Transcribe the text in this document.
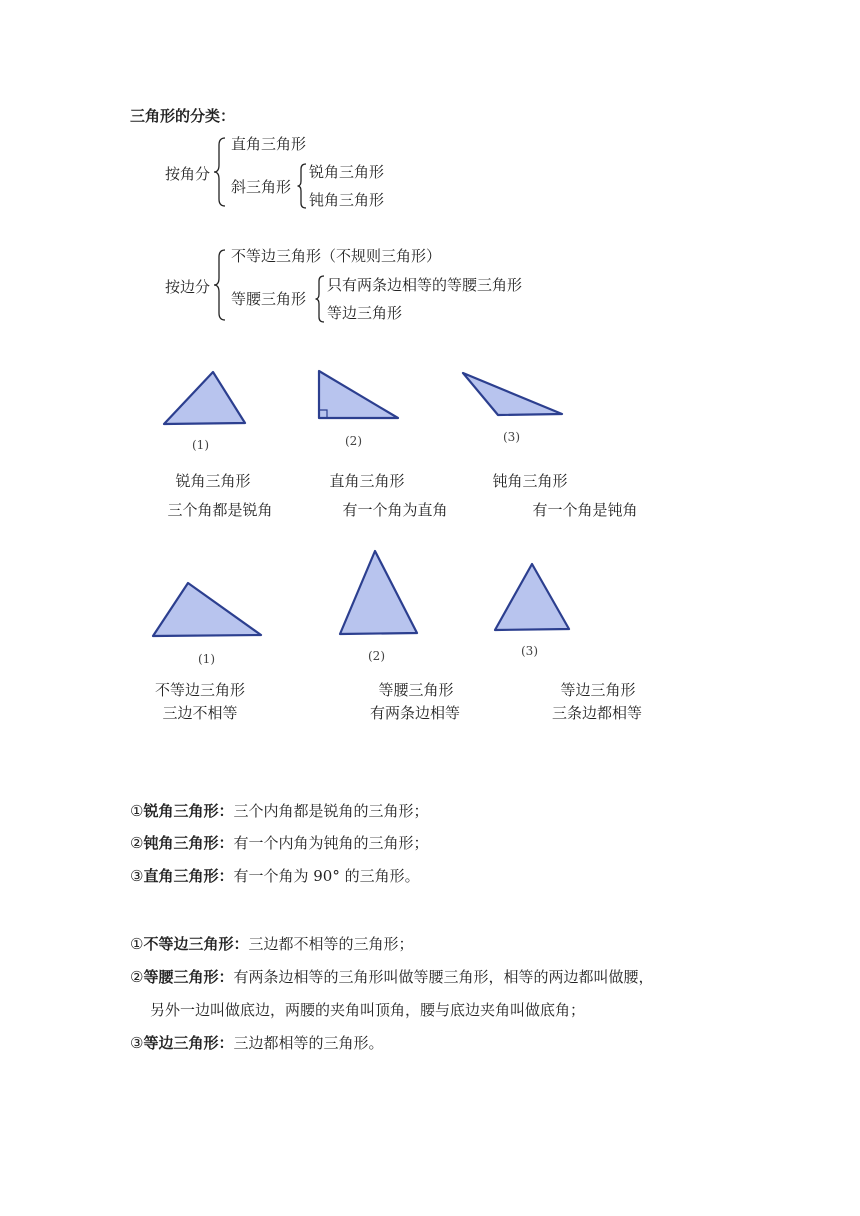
三角形的分类：
按角分
直角三角形
斜三角形
锐角三角形
钝角三角形
按边分
不等边三角形（不规则三角形）
等腰三角形
只有两条边相等的等腰三角形
等边三角形
(1)	(2)	(3)
锐角三角形
三个角都是锐角
直角三角形
有一个角为直角
钝角三角形
有一个角是钝角
(1)	(2)	(3)
不等边三角形
三边不相等
等腰三角形
有两条边相等
等边三角形
三条边都相等
①锐角三角形：三个内角都是锐角的三角形；
②钝角三角形：有一个内角为钝角的三角形；
③直角三角形：有一个角为 90° 的三角形。
①不等边三角形：三边都不相等的三角形；
②等腰三角形：有两条边相等的三角形叫做等腰三角形，相等的两边都叫做腰，
另外一边叫做底边，两腰的夹角叫顶角，腰与底边夹角叫做底角；
③等边三角形：三边都相等的三角形。
